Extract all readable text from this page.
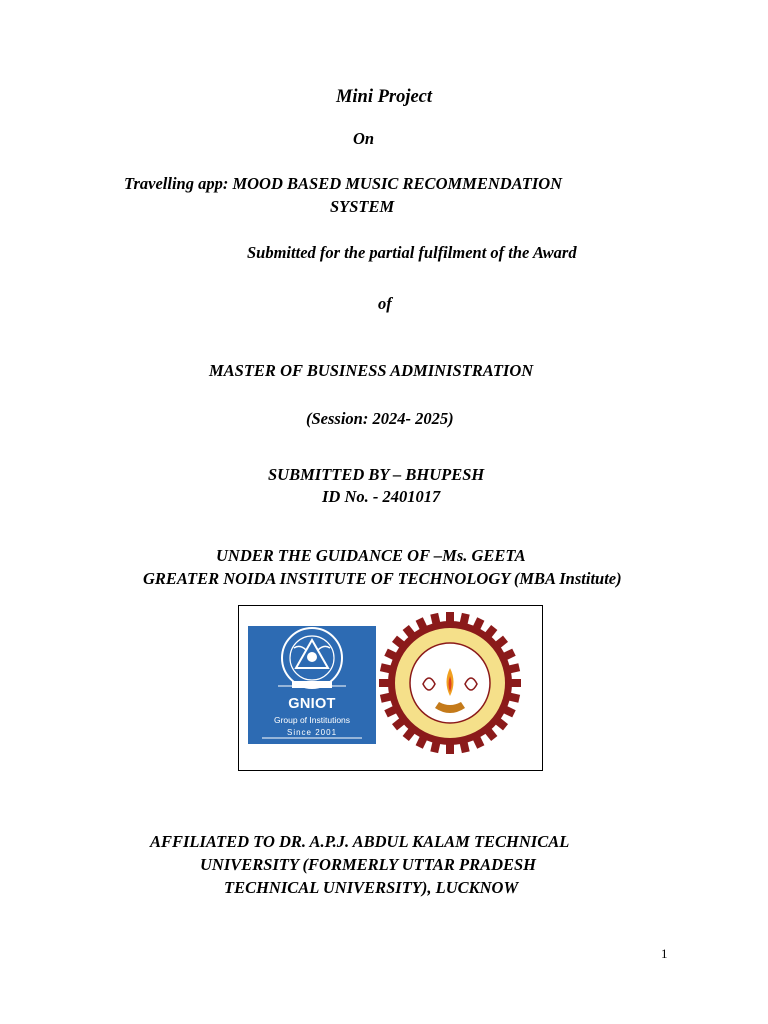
Mini Project
On
Travelling app: MOOD BASED MUSIC RECOMMENDATION
SYSTEM
Submitted for the partial fulfilment of the Award
of
MASTER OF BUSINESS ADMINISTRATION
(Session: 2024- 2025)
SUBMITTED BY – BHUPESH
ID No. - 2401017
UNDER THE GUIDANCE OF –Ms. GEETA
GREATER NOIDA INSTITUTE OF TECHNOLOGY (MBA Institute)
GNIOT
Group of Institutions
Since 2001
AFFILIATED TO DR. A.P.J. ABDUL KALAM TECHNICAL
UNIVERSITY (FORMERLY UTTAR PRADESH
TECHNICAL UNIVERSITY), LUCKNOW
1
